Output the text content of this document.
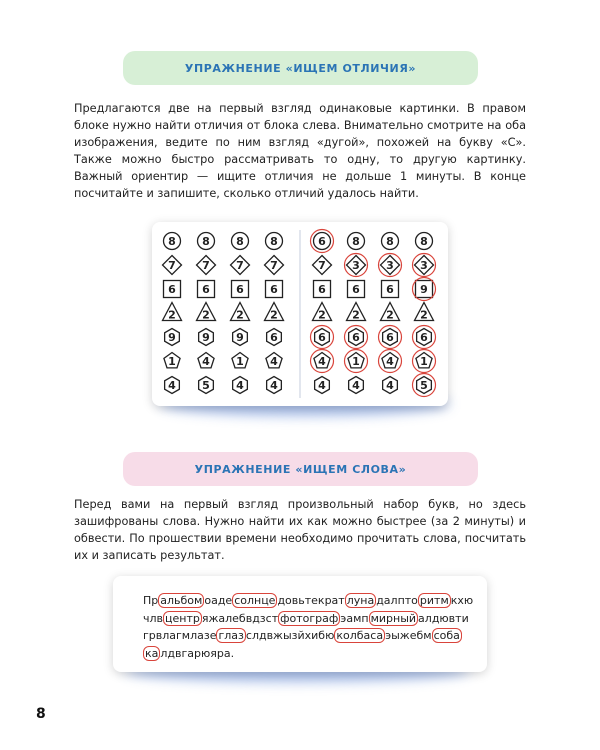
УПРАЖНЕНИЕ «ИЩЕМ ОТЛИЧИЯ»

Предлагаются две на первый взгляд одинаковые картинки. В правом блоке нужно найти отличия от блока слева. Внимательно смотрите на оба изображения, ведите по ним взгляд «дугой», похожей на букву «С». Также можно быстро рассматривать то одну, то другую картинку. Важный ориентир — ищите отличия не дольше 1 минуты. В конце посчитайте и запишите, сколько отличий удалось найти.

8 8 8 8
7 7 7 7
6 6 6 6
2 2 2 2
9 9 9 6
1 4 1 4
4 5 4 4
6 8 8 8
7 3 3 3
6 6 6 9
2 2 2 2
6 6 6 6
4 1 4 1
4 4 4 5
УПРАЖНЕНИЕ «ИЩЕМ СЛОВА»

Перед вами на первый взгляд произвольный набор букв, но здесь зашифрованы слова. Нужно найти их как можно быстрее (за 2 минуты) и обвести. По прошествии времени необходимо прочитать слова, посчитать их и записать результат.

Пр альбом оаде солнце довьтекрат луна далпто ритм кхю члв центр яжалебвдзст фотограф эамп мирный алдювти грвлагмлазе глаз слдвжызйхибю колбаса эыжебм соба ка лдвгарюяра.

8
